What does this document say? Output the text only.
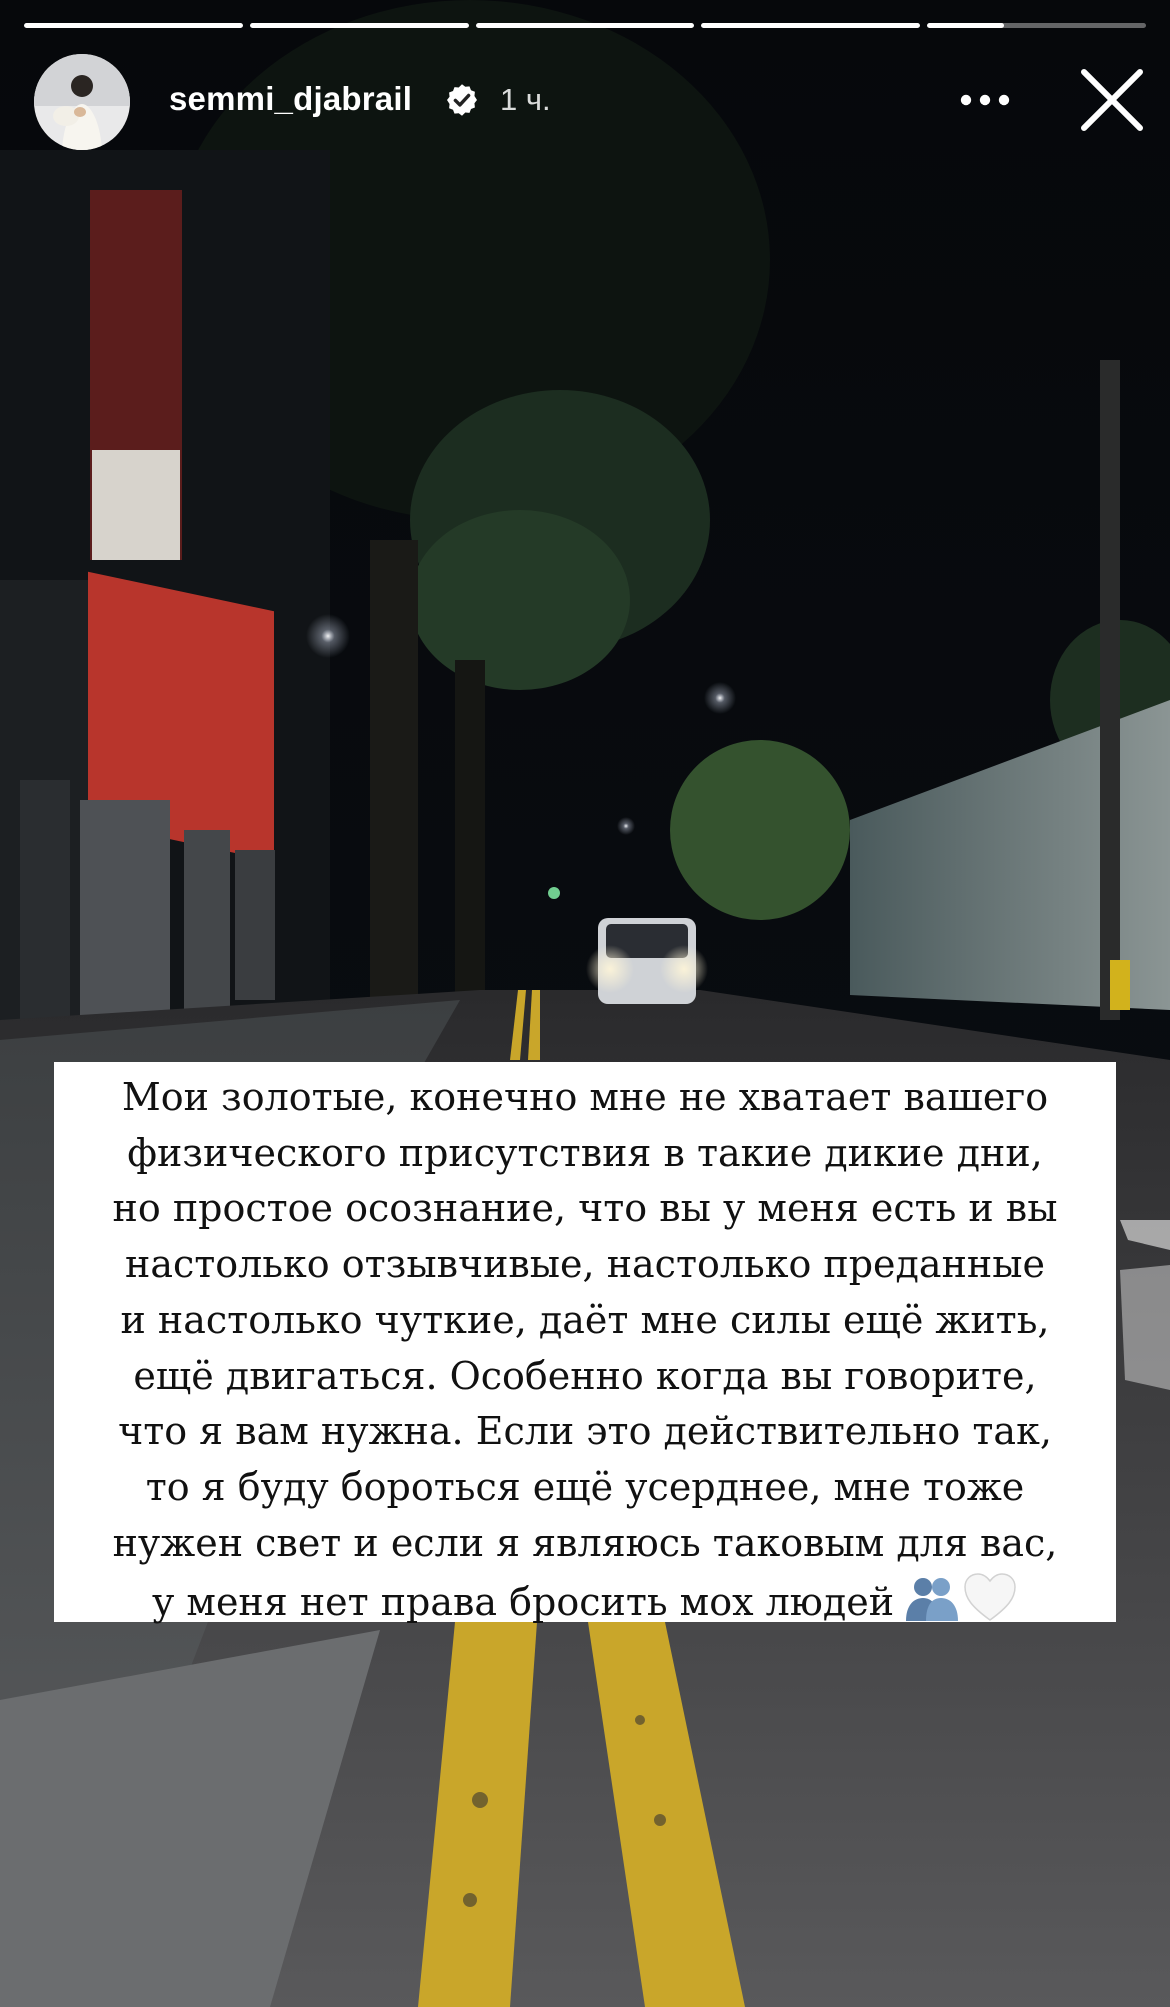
semmi_djabrail	1 ч.
Мои золотые, конечно мне не хватает вашего
физического присутствия в такие дикие дни,
но простое осознание, что вы у меня есть и вы
настолько отзывчивые, настолько преданные
и настолько чуткие, даёт мне силы ещё жить,
ещё двигаться. Особенно когда вы говорите,
что я вам нужна. Если это действительно так,
то я буду бороться ещё усерднее, мне тоже
нужен свет и если я являюсь таковым для вас,
у меня нет права бросить мох людей
